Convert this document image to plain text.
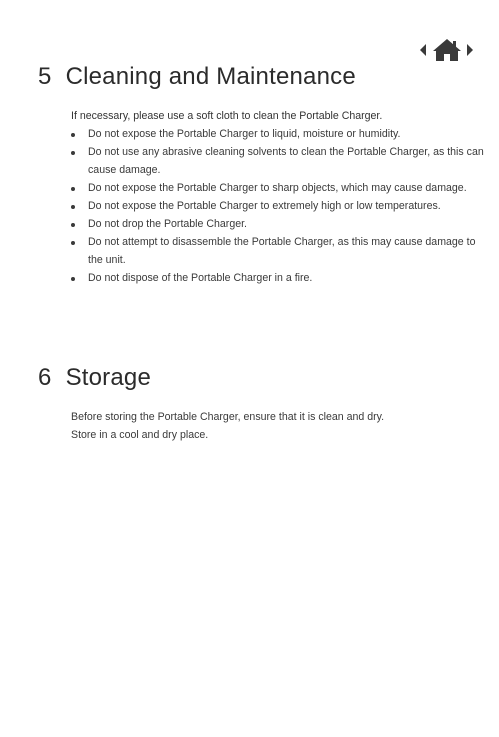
5 Cleaning and Maintenance
If necessary, please use a soft cloth to clean the Portable Charger.
Do not expose the Portable Charger to liquid, moisture or humidity.
Do not use any abrasive cleaning solvents to clean the Portable Charger, as this can cause damage.
Do not expose the Portable Charger to sharp objects, which may cause damage.
Do not expose the Portable Charger to extremely high or low temperatures.
Do not drop the Portable Charger.
Do not attempt to disassemble the Portable Charger, as this may cause damage to the unit.
Do not dispose of the Portable Charger in a fire.
6 Storage

Before storing the Portable Charger, ensure that it is clean and dry.

Store in a cool and dry place.
